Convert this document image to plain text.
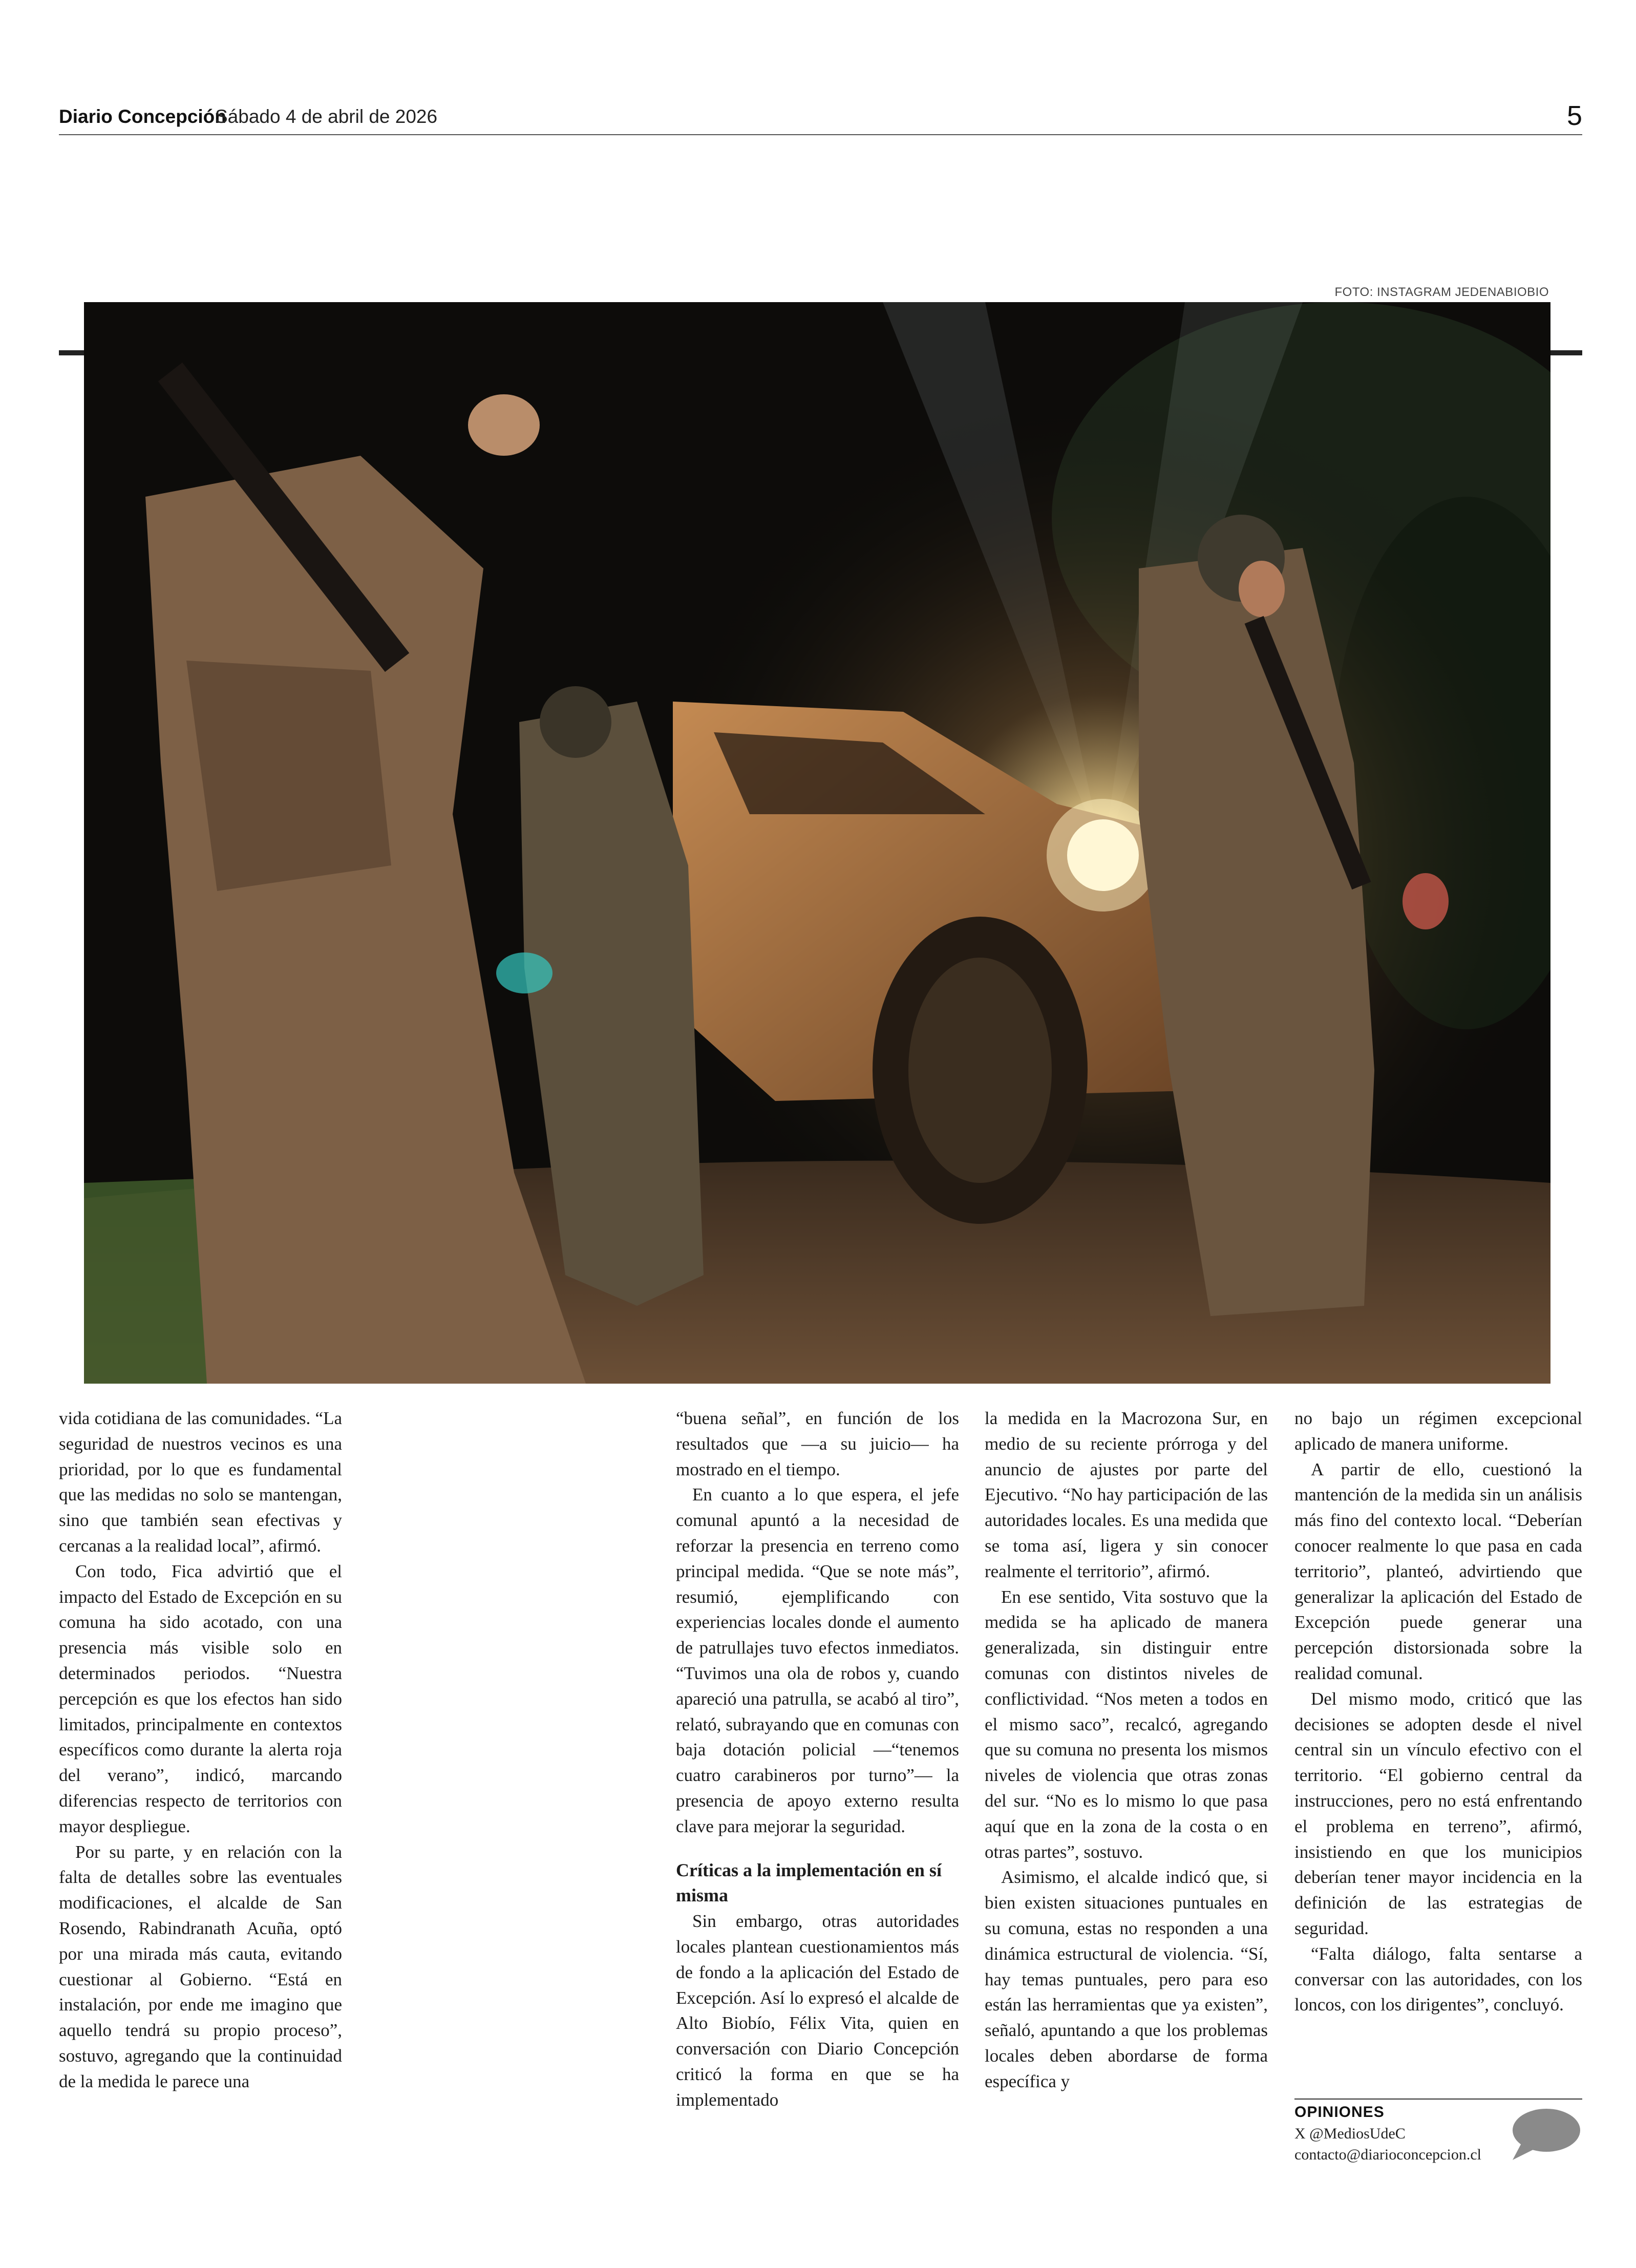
Diario Concepción
Sábado 4 de abril de 2026	5
FOTO: INSTAGRAM JEDENABIOBIO

vida cotidiana de las comunidades. “La seguridad de nuestros vecinos es una prioridad, por lo que es fundamental que las medidas no solo se mantengan, sino que también sean efectivas y cercanas a la realidad local”, afirmó.

Con todo, Fica advirtió que el impacto del Estado de Excepción en su comuna ha sido acotado, con una presencia más visible solo en determinados periodos. “Nuestra percepción es que los efectos han sido limitados, principalmente en contextos específicos como durante la alerta roja del verano”, indicó, marcando diferencias respecto de territorios con mayor despliegue.

Por su parte, y en relación con la falta de detalles sobre las eventuales modificaciones, el alcalde de San Rosendo, Rabindranath Acuña, optó por una mirada más cauta, evitando cuestionar al Gobierno. “Está en instalación, por ende me imagino que aquello tendrá su propio proceso”, sostuvo, agregando que la continuidad de la medida le parece una

“buena señal”, en función de los resultados que —a su juicio— ha mostrado en el tiempo.

En cuanto a lo que espera, el jefe comunal apuntó a la necesidad de reforzar la presencia en terreno como principal medida. “Que se note más”, resumió, ejemplificando con experiencias locales donde el aumento de patrullajes tuvo efectos inmediatos. “Tuvimos una ola de robos y, cuando apareció una patrulla, se acabó al tiro”, relató, subrayando que en comunas con baja dotación policial —“tenemos cuatro carabineros por turno”— la presencia de apoyo externo resulta clave para mejorar la seguridad.

Críticas a la implementación en sí misma

Sin embargo, otras autoridades locales plantean cuestionamientos más de fondo a la aplicación del Estado de Excepción. Así lo expresó el alcalde de Alto Biobío, Félix Vita, quien en conversación con Diario Concepción criticó la forma en que se ha implementado

la medida en la Macrozona Sur, en medio de su reciente prórroga y del anuncio de ajustes por parte del Ejecutivo. “No hay participación de las autoridades locales. Es una medida que se toma así, ligera y sin conocer realmente el territorio”, afirmó.

En ese sentido, Vita sostuvo que la medida se ha aplicado de manera generalizada, sin distinguir entre comunas con distintos niveles de conflictividad. “Nos meten a todos en el mismo saco”, recalcó, agregando que su comuna no presenta los mismos niveles de violencia que otras zonas del sur. “No es lo mismo lo que pasa aquí que en la zona de la costa o en otras partes”, sostuvo.

Asimismo, el alcalde indicó que, si bien existen situaciones puntuales en su comuna, estas no responden a una dinámica estructural de violencia. “Sí, hay temas puntuales, pero para eso están las herramientas que ya existen”, señaló, apuntando a que los problemas locales deben abordarse de forma específica y

no bajo un régimen excepcional aplicado de manera uniforme.

A partir de ello, cuestionó la mantención de la medida sin un análisis más fino del contexto local. “Deberían conocer realmente lo que pasa en cada territorio”, planteó, advirtiendo que generalizar la aplicación del Estado de Excepción puede generar una percepción distorsionada sobre la realidad comunal.

Del mismo modo, criticó que las decisiones se adopten desde el nivel central sin un vínculo efectivo con el territorio. “El gobierno central da instrucciones, pero no está enfrentando el problema en terreno”, afirmó, insistiendo en que los municipios deberían tener mayor incidencia en la definición de las estrategias de seguridad.

“Falta diálogo, falta sentarse a conversar con las autoridades, con los loncos, con los dirigentes”, concluyó.

OPINIONES
X @MediosUdeC
contacto@diarioconcepcion.cl
